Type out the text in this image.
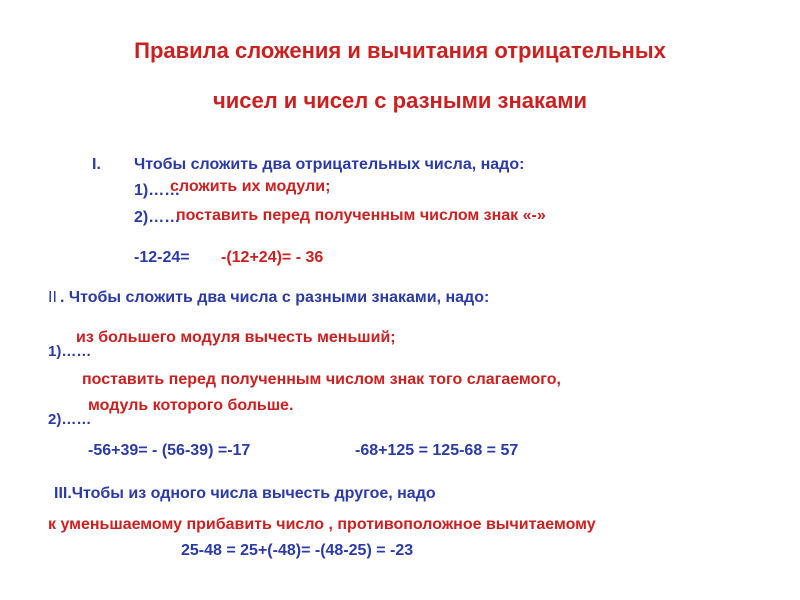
Правила сложения и вычитания отрицательных
чисел и чисел с разными знаками
I. Чтобы сложить два отрицательных числа, надо:
1)……
сложить их модули;
2)……
поставить перед полученным числом знак «-»
-12-24= -(12+24)= - 36
II . Чтобы сложить два числа с разными знаками, надо:
из большего модуля вычесть меньший;
1)……
поставить перед полученным числом знак того слагаемого,
модуль которого больше.
2)……
-56+39= - (56-39) =-17	-68+125 = 125-68 = 57
III.Чтобы из одного числа вычесть другое, надо
к уменьшаемому прибавить число , противоположное вычитаемому
25-48 = 25+(-48)= -(48-25) = -23
